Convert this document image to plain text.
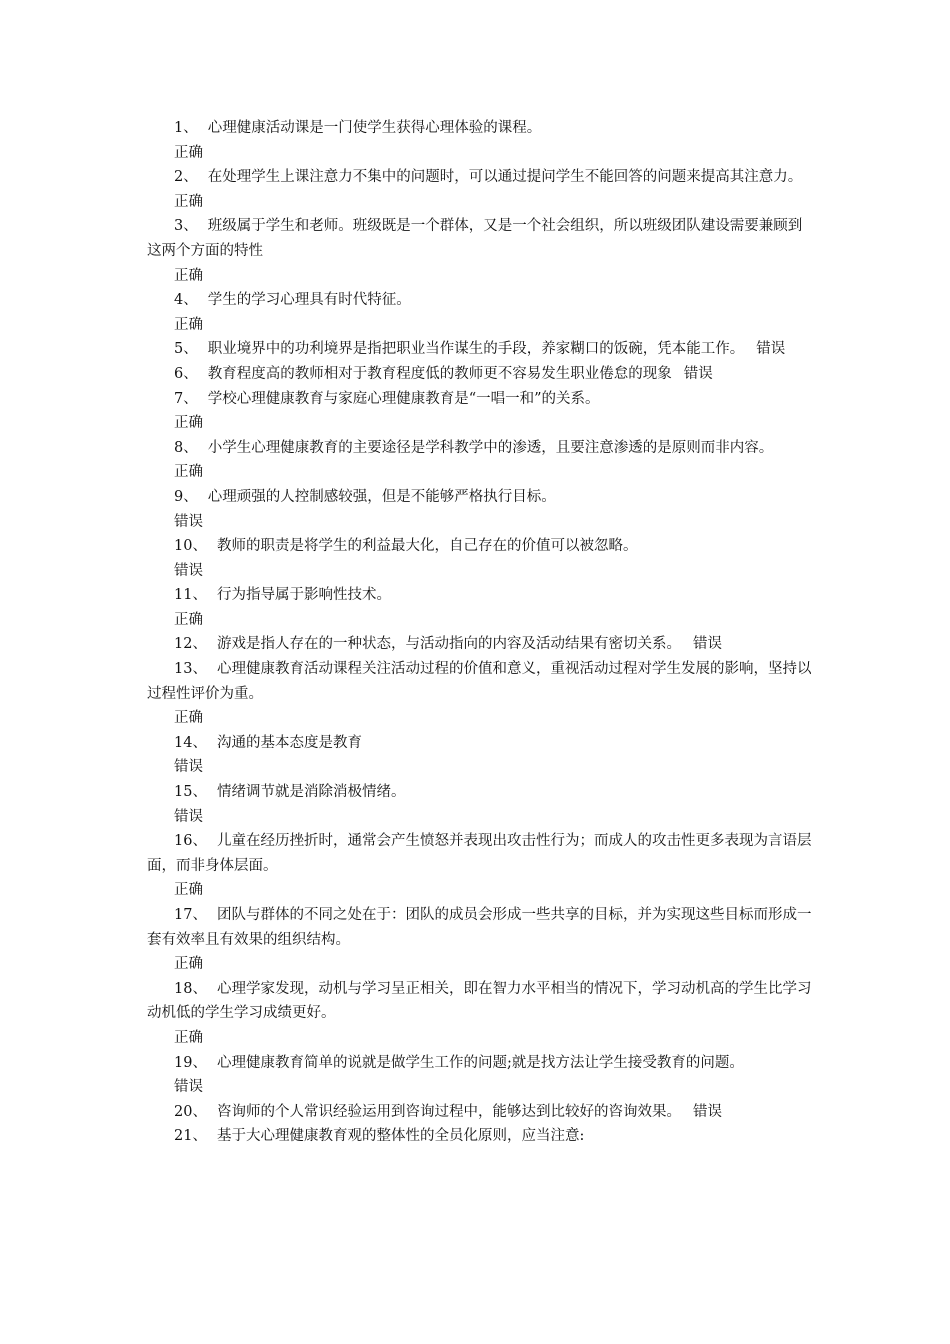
1、 心理健康活动课是一门使学生获得心理体验的课程。

正确

2、 在处理学生上课注意力不集中的问题时，可以通过提问学生不能回答的问题来提高其注意力。

正确

3、 班级属于学生和老师。班级既是一个群体，又是一个社会组织，所以班级团队建设需要兼顾到这两个方面的特性

正确

4、 学生的学习心理具有时代特征。

正确

5、 职业境界中的功利境界是指把职业当作谋生的手段，养家糊口的饭碗，凭本能工作。 错误

6、 教育程度高的教师相对于教育程度低的教师更不容易发生职业倦怠的现象 错误

7、 学校心理健康教育与家庭心理健康教育是“一唱一和”的关系。

正确

8、 小学生心理健康教育的主要途径是学科教学中的渗透，且要注意渗透的是原则而非内容。

正确

9、 心理顽强的人控制感较强，但是不能够严格执行目标。

错误

10、 教师的职责是将学生的利益最大化，自己存在的价值可以被忽略。

错误

11、 行为指导属于影响性技术。

正确

12、 游戏是指人存在的一种状态，与活动指向的内容及活动结果有密切关系。 错误

13、 心理健康教育活动课程关注活动过程的价值和意义，重视活动过程对学生发展的影响，坚持以过程性评价为重。

正确

14、 沟通的基本态度是教育

错误

15、 情绪调节就是消除消极情绪。

错误

16、 儿童在经历挫折时，通常会产生愤怒并表现出攻击性行为；而成人的攻击性更多表现为言语层面，而非身体层面。

正确

17、 团队与群体的不同之处在于：团队的成员会形成一些共享的目标，并为实现这些目标而形成一套有效率且有效果的组织结构。

正确

18、 心理学家发现，动机与学习呈正相关，即在智力水平相当的情况下，学习动机高的学生比学习动机低的学生学习成绩更好。

正确

19、 心理健康教育简单的说就是做学生工作的问题;就是找方法让学生接受教育的问题。

错误

20、 咨询师的个人常识经验运用到咨询过程中，能够达到比较好的咨询效果。 错误

21、 基于大心理健康教育观的整体性的全员化原则，应当注意:
